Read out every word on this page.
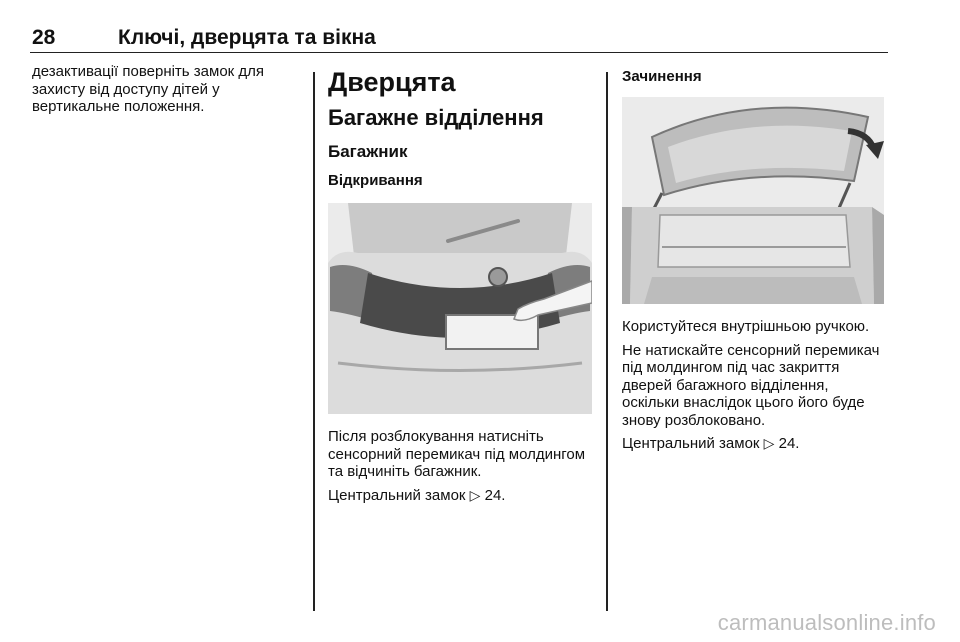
28	Ключі, дверцята та вікна

дезактивації поверніть замок для захисту від доступу дітей у вертикальне положення.

Дверцята
Багажне відділення
Багажник
Відкривання

Після розблокування натисніть сенсорний перемикач під молдингом та відчиніть багажник.

Центральний замок ▷ 24.

Зачинення

Користуйтеся внутрішньою ручкою.

Не натискайте сенсорний перемикач під молдингом під час закриття дверей багажного відділення, оскільки внаслідок цього його буде знову розблоковано.

Центральний замок ▷ 24.

carmanualsonline.info
